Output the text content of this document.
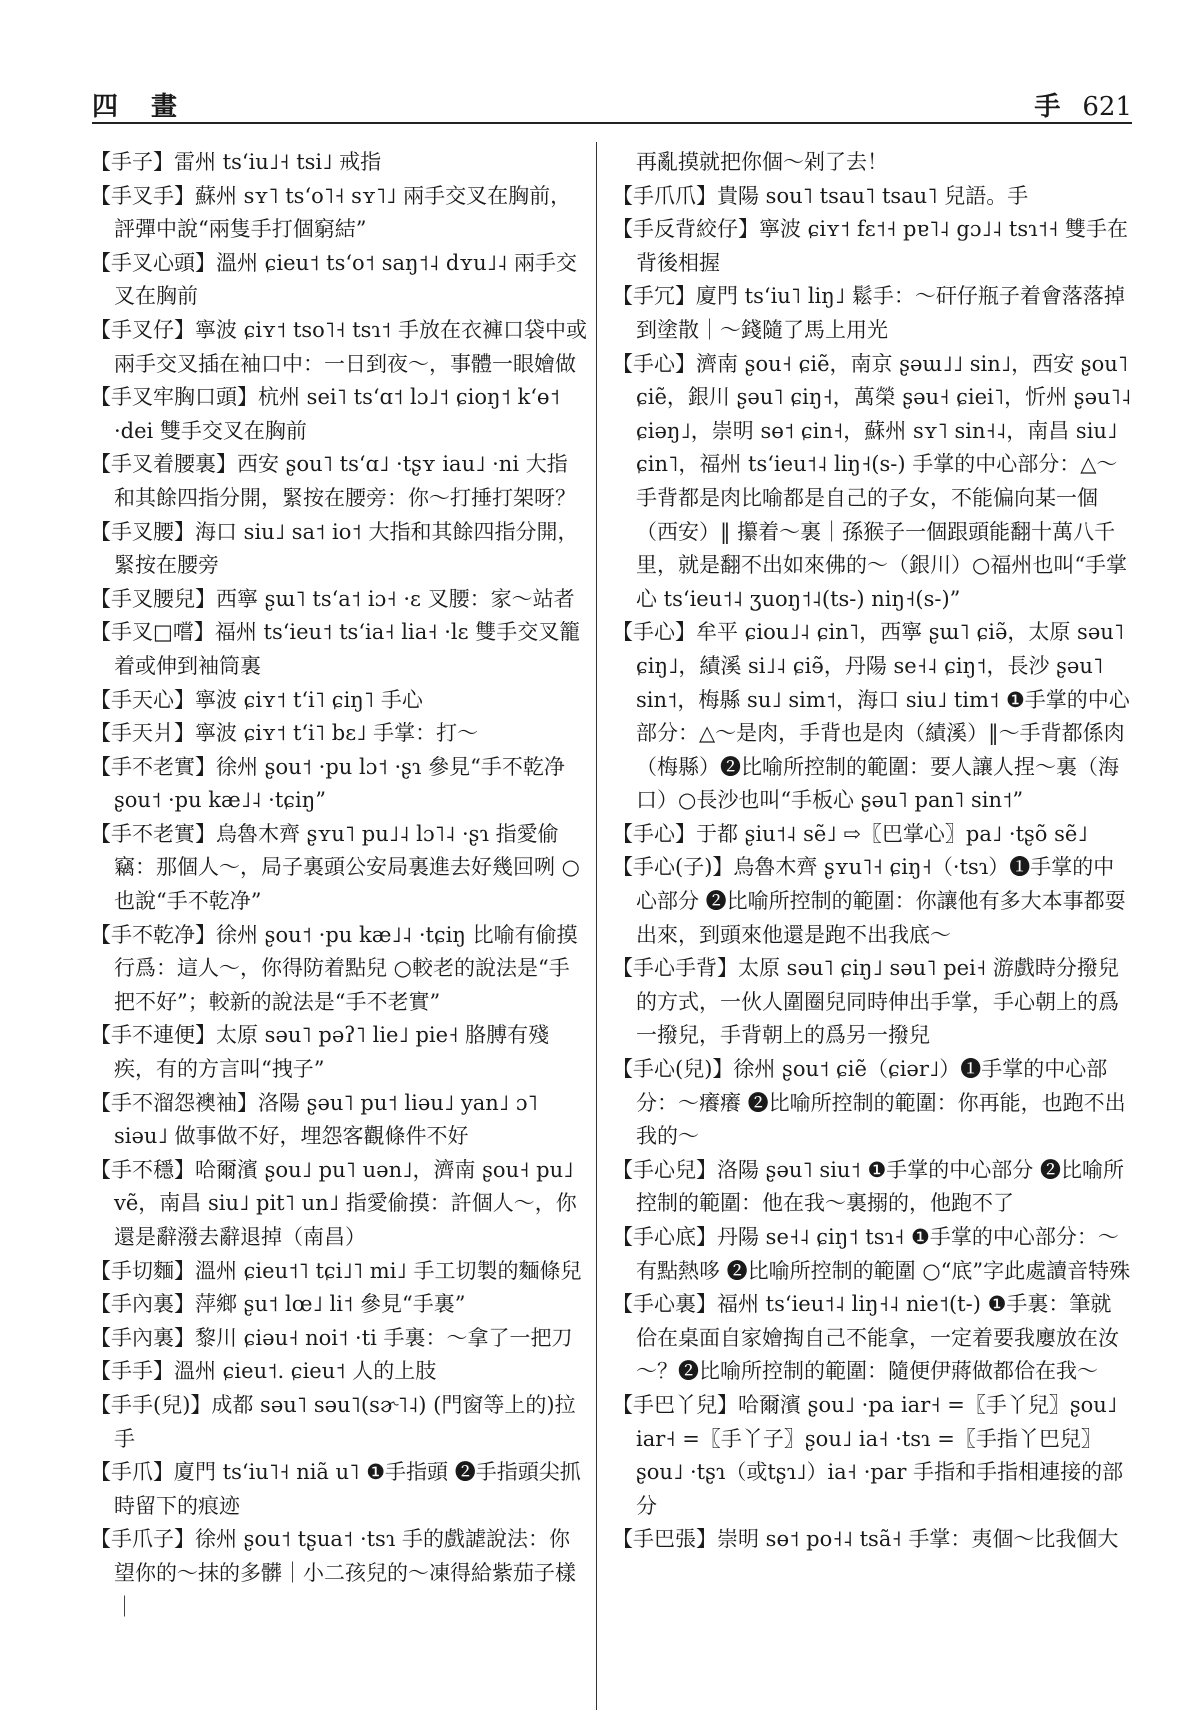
四 畫	手 621

【手子】雷州 ts‘iu˩˧ tsi˩ 戒指

【手叉手】蘇州 sʏ˥ ts‘o˥˧ sʏ˥˩ 兩手交叉在胸前，評彈中說“兩隻手打個窮結”

【手叉心頭】溫州 ɕieu˦ ts‘o˦ saŋ˦˨ dʏu˩˨ 兩手交叉在胸前

【手叉仔】寧波 ɕiʏ˦ tso˥˧ tsɿ˦ 手放在衣褲口袋中或兩手交叉插在袖口中：一日到夜～，事體一眼嬒做

【手叉牢胸口頭】杭州 sei˥ ts‘ɑ˦ lɔ˩˦ ɕioŋ˦ k‘ɵ˦ ·dei 雙手交叉在胸前

【手叉着腰裏】西安 ʂou˥ ts‘ɑ˩ ·tʂʏ iau˩ ·ni 大指和其餘四指分開，緊按在腰旁：你～打捶打架呀？

【手叉腰】海口 siu˩ sa˦ io˦ 大指和其餘四指分開，緊按在腰旁

【手叉腰兒】西寧 ʂɯ˥ ts‘a˦ iɔ˧ ·ɛ 叉腰：家～站者

【手叉□嚐】福州 ts‘ieu˦ ts‘ia˧ lia˧ ·lɛ 雙手交叉籠着或伸到袖筒裏

【手天心】寧波 ɕiʏ˦ t‘i˥ ɕiŋ˥ 手心

【手天爿】寧波 ɕiʏ˦ t‘i˥ bɛ˩ 手掌：打～

【手不老實】徐州 ʂou˦ ·pu lɔ˦ ·ʂɿ 參見“手不乾净 ʂou˦ ·pu kæ˩˨ ·tɕiŋ”

【手不老實】烏魯木齊 ʂʏu˥ pu˩˨ lɔ˥˨ ·ʂɿ 指愛偷竊：那個人～，局子裏頭公安局裏進去好幾回咧 ○也說“手不乾净”

【手不乾净】徐州 ʂou˦ ·pu kæ˩˨ ·tɕiŋ 比喻有偷摸行爲：這人～，你得防着點兒 ○較老的說法是“手把不好”；較新的說法是“手不老實”

【手不連便】太原 səu˥ pəʔ˥ lie˩ pie˧ 胳膊有殘疾，有的方言叫“拽子”

【手不溜怨襖袖】洛陽 ʂəu˥ pu˦ liəu˩ yan˩ ɔ˥ siəu˩ 做事做不好，埋怨客觀條件不好

【手不穩】哈爾濱 ʂou˩ pu˥ uən˩，濟南 ʂou˧ pu˩ vẽ，南昌 siu˩ pit˥ un˩ 指愛偷摸：許個人～，你還是辭潑去辭退掉（南昌）

【手切麵】溫州 ɕieu˦˥ tɕi˩˥ mi˩ 手工切製的麵條兒

【手內裏】萍鄉 ʂu˦ lœ˩ li˦ 參見“手裏”

【手內裏】黎川 ɕiəu˧ noi˦ ·ti 手裏：～拿了一把刀

【手手】溫州 ɕieu˦. ɕieu˦ 人的上肢

【手手(兒)】成都 səu˥ səu˥(sɚ˥˨) (門窗等上的)拉手

【手爪】廈門 ts‘iu˥˧ niã u˥ ❶手指頭 ❷手指頭尖抓時留下的痕迹

【手爪子】徐州 ʂou˦ tʂua˦ ·tsɿ 手的戲謔說法：你望你的～抹的多髒｜小二孩兒的～凍得給紫茄子樣｜

再亂摸就把你個～剁了去！

【手爪爪】貴陽 sou˥ tsau˥ tsau˥ 兒語。手

【手反背絞仔】寧波 ɕiʏ˦ fɛ˦˧ pɐ˥˨ gɔ˩˨ tsɿ˦˧ 雙手在背後相握

【手冗】廈門 ts‘iu˥ liŋ˩ 鬆手：～矸仔瓶子着會落落掉到塗散｜～錢隨了馬上用光

【手心】濟南 ʂou˧ ɕiẽ，南京 ʂəɯ˩˩ sin˩，西安 ʂou˥ ɕiẽ，銀川 ʂəu˥ ɕiŋ˧，萬榮 ʂəu˧ ɕiei˥，忻州 ʂəu˥˨ ɕiəŋ˩，崇明 sɵ˦ ɕin˧，蘇州 sʏ˥ sin˧˨，南昌 siu˩ ɕin˥，福州 ts‘ieu˦˨ liŋ˧(s-) 手掌的中心部分：△～手背都是肉比喻都是自己的子女，不能偏向某一個（西安）‖ 攥着～裏｜孫猴子一個跟頭能翻十萬八千里，就是翻不出如來佛的～（銀川）○福州也叫“手掌心 ts‘ieu˦˨ ʒuoŋ˦˨(ts-) niŋ˧(s-)”

【手心】牟平 ɕiou˩˨ ɕin˥，西寧 ʂɯ˥ ɕiə̃，太原 səu˥ ɕiŋ˩，績溪 si˩˨ ɕiɘ̃，丹陽 se˧˨ ɕiŋ˦，長沙 ʂəu˥ sin˦，梅縣 su˩ sim˦，海口 siu˩ tim˦ ❶手掌的中心部分：△～是肉，手背也是肉（績溪）‖～手背都係肉（梅縣）❷比喻所控制的範圍：要人讓人捏～裏（海口）○長沙也叫“手板心 ʂəu˥ pan˥ sin˦”

【手心】于都 ʂiu˦˨ sẽ˩ ⇨〖巴掌心〗pa˩ ·tʂõ sẽ˩

【手心(子)】烏魯木齊 ʂʏu˥˧ ɕiŋ˧（·tsɿ）❶手掌的中心部分 ❷比喻所控制的範圍：你讓他有多大本事都耍出來，到頭來他還是跑不出我底～

【手心手背】太原 səu˥ ɕiŋ˩ səu˥ pei˧ 游戲時分撥兒的方式，一伙人圍圈兒同時伸出手掌，手心朝上的爲一撥兒，手背朝上的爲另一撥兒

【手心(兒)】徐州 ʂou˦ ɕiẽ（ɕiər˩）❶手掌的中心部分：～癢癢 ❷比喻所控制的範圍：你再能，也跑不出我的～

【手心兒】洛陽 ʂəu˥ siu˦ ❶手掌的中心部分 ❷比喻所控制的範圍：他在我～裏搦的，他跑不了

【手心底】丹陽 se˧˨ ɕiŋ˦ tsɿ˧ ❶手掌的中心部分：～有點熱哆 ❷比喻所控制的範圍 ○“底”字此處讀音特殊

【手心裏】福州 ts‘ieu˦˨ liŋ˧˨ nie˦(t-) ❶手裏：筆就佮在桌面自家嬒掏自己不能拿，一定着要我廮放在汝～？❷比喻所控制的範圍：隨便伊蔣做都佮在我～

【手巴丫兒】哈爾濱 ʂou˩ ·pa iar˧ =〖手丫兒〗ʂou˩ iar˧ =〖手丫子〗ʂou˩ ia˧ ·tsɿ =〖手指丫巴兒〗ʂou˩ ·tʂɿ（或tʂɿ˩）ia˧ ·par 手指和手指相連接的部分

【手巴張】崇明 sɵ˦ po˧˨ tsã˧ 手掌：夷個～比我個大
